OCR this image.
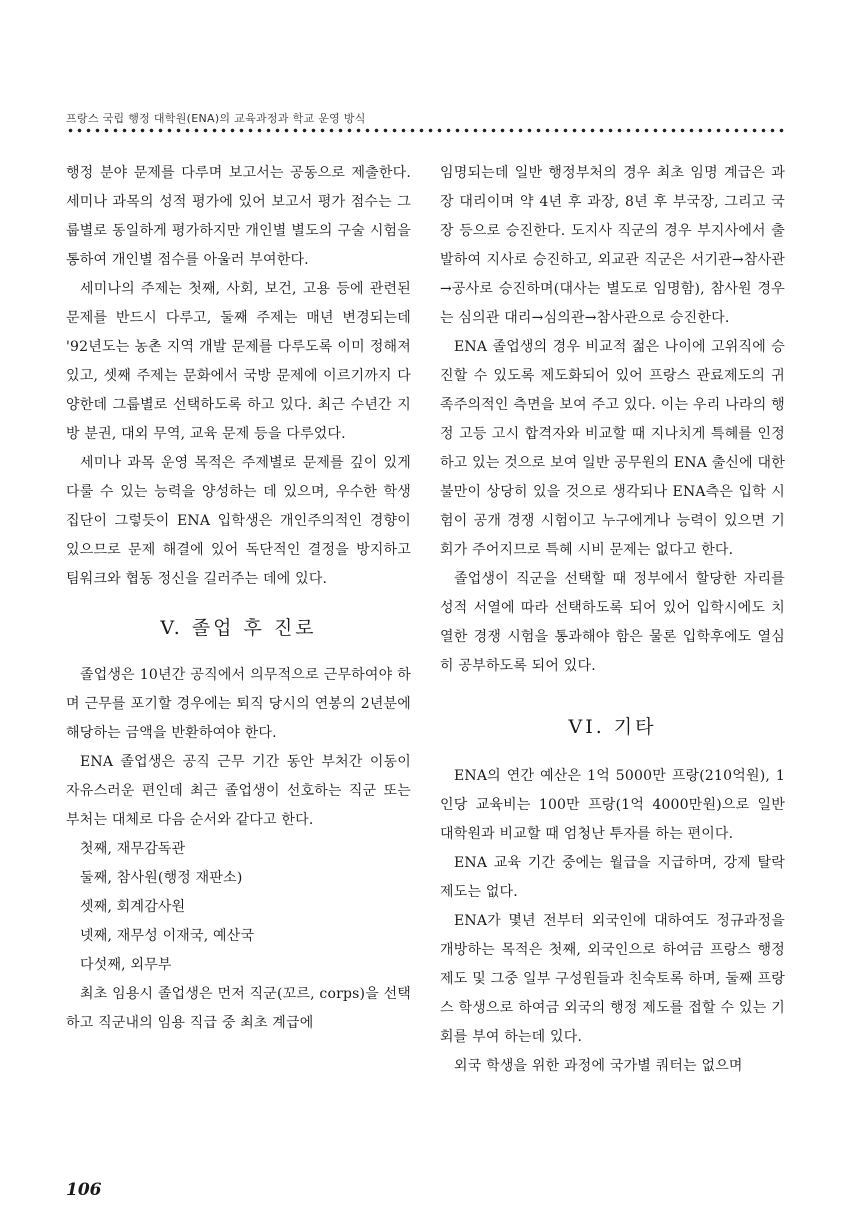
프랑스 국립 행정 대학원(ENA)의 교육과정과 학교 운영 방식

행정 분야 문제를 다루며 보고서는 공동으로 제출한다. 세미나 과목의 성적 평가에 있어 보고서 평가 점수는 그룹별로 동일하게 평가하지만 개인별 별도의 구술 시험을 통하여 개인별 점수를 아울러 부여한다.

세미나의 주제는 첫째, 사회, 보건, 고용 등에 관련된 문제를 반드시 다루고, 둘째 주제는 매년 변경되는데 '92년도는 농촌 지역 개발 문제를 다루도록 이미 정해져 있고, 셋째 주제는 문화에서 국방 문제에 이르기까지 다양한데 그룹별로 선택하도록 하고 있다. 최근 수년간 지방 분권, 대외 무역, 교육 문제 등을 다루었다.

세미나 과목 운영 목적은 주제별로 문제를 깊이 있게 다룰 수 있는 능력을 양성하는 데 있으며, 우수한 학생 집단이 그렇듯이 ENA 입학생은 개인주의적인 경향이 있으므로 문제 해결에 있어 독단적인 결정을 방지하고 팀워크와 협동 정신을 길러주는 데에 있다.

V. 졸업 후 진로

졸업생은 10년간 공직에서 의무적으로 근무하여야 하며 근무를 포기할 경우에는 퇴직 당시의 연봉의 2년분에 해당하는 금액을 반환하여야 한다.

ENA 졸업생은 공직 근무 기간 동안 부처간 이동이 자유스러운 편인데 최근 졸업생이 선호하는 직군 또는 부처는 대체로 다음 순서와 같다고 한다.

첫째, 재무감독관

둘째, 참사원(행정 재판소)

셋째, 회계감사원

넷째, 재무성 이재국, 예산국

다섯째, 외무부

최초 임용시 졸업생은 먼저 직군(꼬르, corps)을 선택하고 직군내의 임용 직급 중 최초 계급에

임명되는데 일반 행정부처의 경우 최초 임명 계급은 과장 대리이며 약 4년 후 과장, 8년 후 부국장, 그리고 국장 등으로 승진한다. 도지사 직군의 경우 부지사에서 출발하여 지사로 승진하고, 외교관 직군은 서기관→참사관→공사로 승진하며(대사는 별도로 임명함), 참사원 경우는 심의관 대리→심의관→참사관으로 승진한다.

ENA 졸업생의 경우 비교적 젊은 나이에 고위직에 승진할 수 있도록 제도화되어 있어 프랑스 관료제도의 귀족주의적인 측면을 보여 주고 있다. 이는 우리 나라의 행정 고등 고시 합격자와 비교할 때 지나치게 특혜를 인정하고 있는 것으로 보여 일반 공무원의 ENA 출신에 대한 불만이 상당히 있을 것으로 생각되나 ENA측은 입학 시험이 공개 경쟁 시험이고 누구에게나 능력이 있으면 기회가 주어지므로 특혜 시비 문제는 없다고 한다.

졸업생이 직군을 선택할 때 정부에서 할당한 자리를 성적 서열에 따라 선택하도록 되어 있어 입학시에도 치열한 경쟁 시험을 통과해야 함은 물론 입학후에도 열심히 공부하도록 되어 있다.

VI. 기타

ENA의 연간 예산은 1억 5000만 프랑(210억원), 1인당 교육비는 100만 프랑(1억 4000만원)으로 일반 대학원과 비교할 때 엄청난 투자를 하는 편이다.

ENA 교육 기간 중에는 월급을 지급하며, 강제 탈락 제도는 없다.

ENA가 몇년 전부터 외국인에 대하여도 정규과정을 개방하는 목적은 첫째, 외국인으로 하여금 프랑스 행정 제도 및 그중 일부 구성원들과 친숙토록 하며, 둘째 프랑스 학생으로 하여금 외국의 행정 제도를 접할 수 있는 기회를 부여 하는데 있다.

외국 학생을 위한 과정에 국가별 쿼터는 없으며

106
